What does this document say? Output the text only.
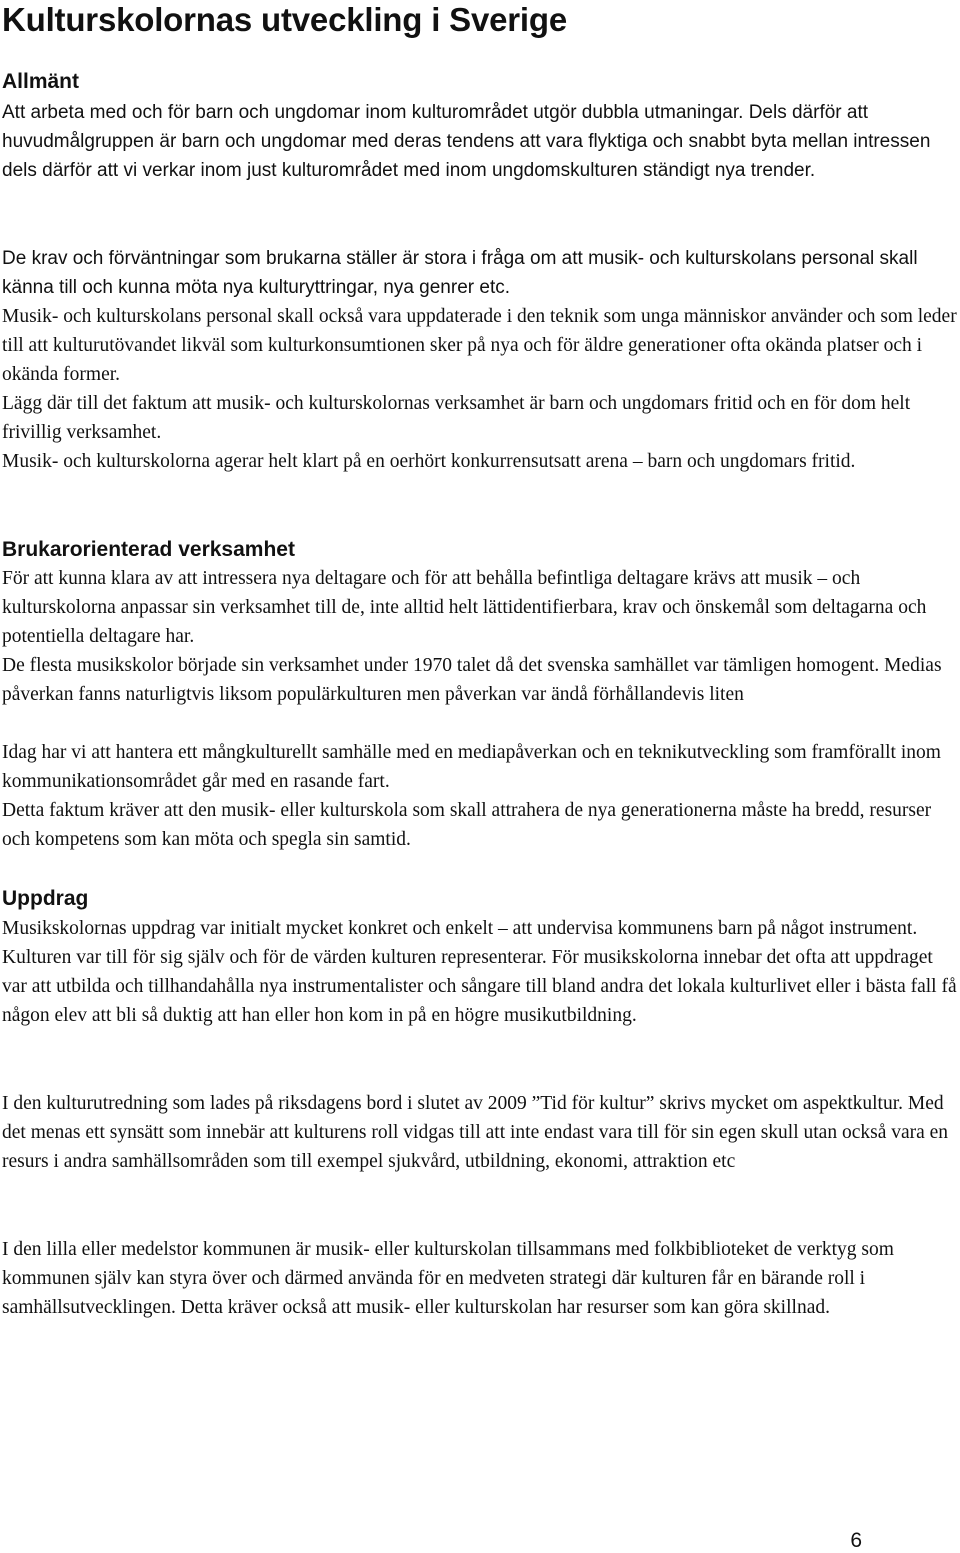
Kulturskolornas utveckling i Sverige
Allmänt

Att arbeta med och för barn och ungdomar inom kulturområdet utgör dubbla utmaningar. Dels därför att huvudmålgruppen är barn och ungdomar med deras tendens att vara flyktiga och snabbt byta mellan intressen dels därför att vi verkar inom just kulturområdet med inom ungdomskulturen ständigt nya trender.

De krav och förväntningar som brukarna ställer är stora i fråga om att musik- och kulturskolans personal skall känna till och kunna möta nya kulturyttringar, nya genrer etc.

Musik- och kulturskolans personal skall också vara uppdaterade i den teknik som unga människor använder och som leder till att kulturutövandet likväl som kulturkonsumtionen sker på nya och för äldre generationer ofta okända platser och i okända former.

Lägg där till det faktum att musik- och kulturskolornas verksamhet är barn och ungdomars fritid och en för dom helt frivillig verksamhet.

Musik- och kulturskolorna agerar helt klart på en oerhört konkurrensutsatt arena – barn och ungdomars fritid.

Brukarorienterad verksamhet

För att kunna klara av att intressera nya deltagare och för att behålla befintliga deltagare krävs att musik – och kulturskolorna anpassar sin verksamhet till de, inte alltid helt lättidentifierbara, krav och önskemål som deltagarna och potentiella deltagare har.

De flesta musikskolor började sin verksamhet under 1970 talet då det svenska samhället var tämligen homogent. Medias påverkan fanns naturligtvis liksom populärkulturen men påverkan var ändå förhållandevis liten

Idag har vi att hantera ett mångkulturellt samhälle med en mediapåverkan och en teknikutveckling som framförallt inom kommunikationsområdet går med en rasande fart.

Detta faktum kräver att den musik- eller kulturskola som skall attrahera de nya generationerna måste ha bredd, resurser och kompetens som kan möta och spegla sin samtid.

Uppdrag

Musikskolornas uppdrag var initialt mycket konkret och enkelt – att undervisa kommunens barn på något instrument. Kulturen var till för sig själv och för de värden kulturen representerar. För musikskolorna innebar det ofta att uppdraget var att utbilda och tillhandahålla nya instrumentalister och sångare till bland andra det lokala kulturlivet eller i bästa fall få någon elev att bli så duktig att han eller hon kom in på en högre musikutbildning.

I den kulturutredning som lades på riksdagens bord i slutet av 2009 ”Tid för kultur” skrivs mycket om aspektkultur. Med det menas ett synsätt som innebär att kulturens roll vidgas till att inte endast vara till för sin egen skull utan också vara en resurs i andra samhällsområden som till exempel sjukvård, utbildning, ekonomi, attraktion etc

I den lilla eller medelstor kommunen är musik- eller kulturskolan tillsammans med folkbiblioteket de verktyg som kommunen själv kan styra över och därmed använda för en medveten strategi där kulturen får en bärande roll i samhällsutvecklingen. Detta kräver också att musik- eller kulturskolan har resurser som kan göra skillnad.

6
